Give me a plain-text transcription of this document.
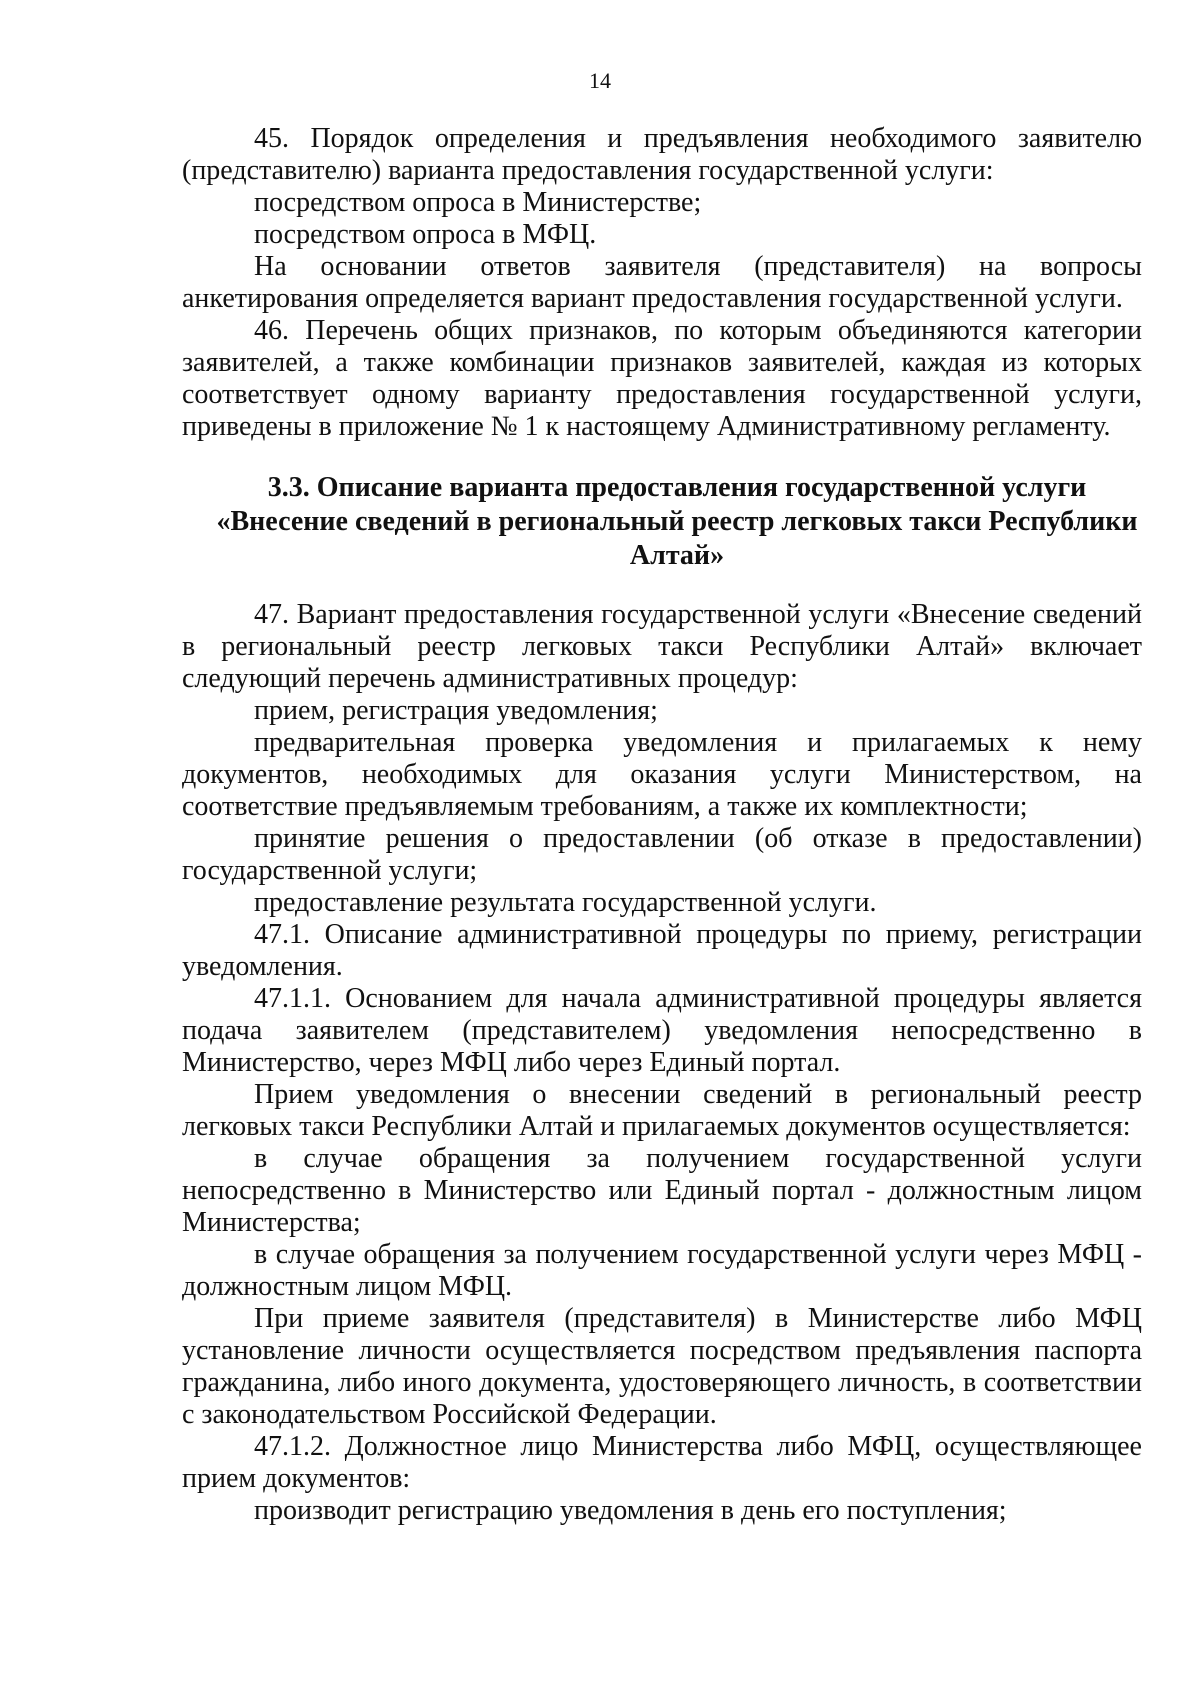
14
45. Порядок определения и предъявления необходимого заявителю
(представителю) варианта предоставления государственной услуги:
посредством опроса в Министерстве;
посредством опроса в МФЦ.
На основании ответов заявителя (представителя) на вопросы
анкетирования определяется вариант предоставления государственной услуги.
46. Перечень общих признаков, по которым объединяются категории заявителей, а также комбинации признаков заявителей, каждая из которых соответствует одному варианту предоставления государственной услуги, приведены в приложение № 1 к настоящему Административному регламенту.
3.3. Описание варианта предоставления государственной услуги
«Внесение сведений в региональный реестр легковых такси Республики
Алтай»
47. Вариант предоставления государственной услуги «Внесение сведений в региональный реестр легковых такси Республики Алтай» включает следующий перечень административных процедур:
прием, регистрация уведомления;
предварительная проверка уведомления и прилагаемых к нему документов, необходимых для оказания услуги Министерством, на соответствие предъявляемым требованиям, а также их комплектности;
принятие решения о предоставлении (об отказе в предоставлении) государственной услуги;
предоставление результата государственной услуги.
47.1. Описание административной процедуры по приему, регистрации уведомления.
47.1.1. Основанием для начала административной процедуры является подача заявителем (представителем) уведомления непосредственно в Министерство, через МФЦ либо через Единый портал.
Прием уведомления о внесении сведений в региональный реестр легковых такси Республики Алтай и прилагаемых документов осуществляется:
в случае обращения за получением государственной услуги непосредственно в Министерство или Единый портал - должностным лицом Министерства;
в случае обращения за получением государственной услуги через МФЦ - должностным лицом МФЦ.
При приеме заявителя (представителя) в Министерстве либо МФЦ установление личности осуществляется посредством предъявления паспорта гражданина, либо иного документа, удостоверяющего личность, в соответствии с законодательством Российской Федерации.
47.1.2. Должностное лицо Министерства либо МФЦ, осуществляющее прием документов:
производит регистрацию уведомления в день его поступления;
